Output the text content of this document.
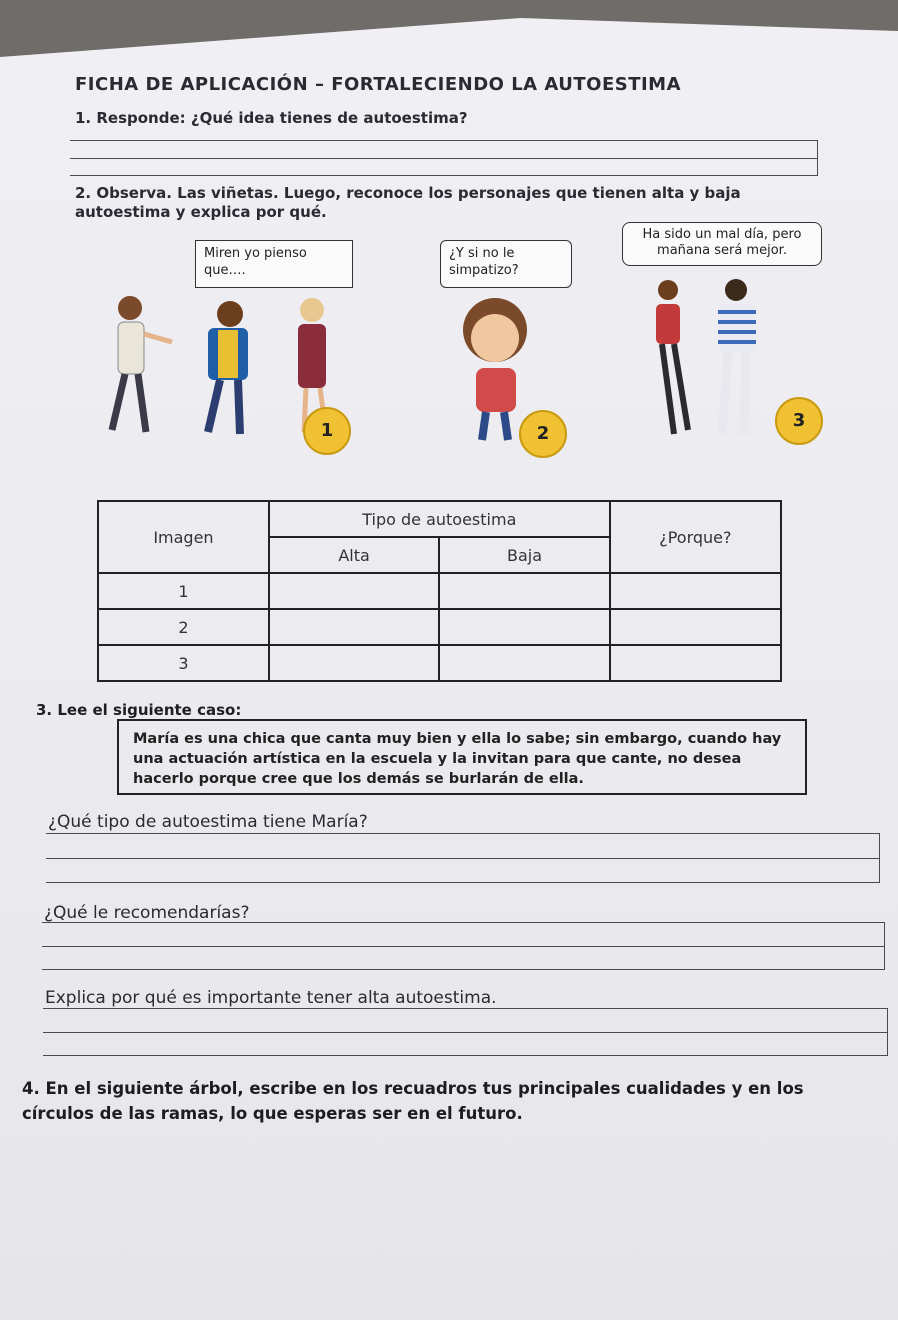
FICHA DE APLICACIÓN – FORTALECIENDO LA AUTOESTIMA
1. Responde: ¿Qué idea tienes de autoestima?
2. Observa. Las viñetas. Luego, reconoce los personajes que tienen alta y baja autoestima y explica por qué.
Miren yo pienso que….
¿Y si no le simpatizo?
Ha sido un mal día, pero mañana será mejor.
1	2
3
Imagen	Tipo de autoestima		¿Porque?
	Alta	Baja	
1			
2			
3			
3. Lee el siguiente caso:
María es una chica que canta muy bien y ella lo sabe; sin embargo, cuando hay una actuación artística en la escuela y la invitan para que cante, no desea hacerlo porque cree que los demás se burlarán de ella.
¿Qué tipo de autoestima tiene María?
¿Qué le recomendarías?
Explica por qué es importante tener alta autoestima.
4. En el siguiente árbol, escribe en los recuadros tus principales cualidades y en los círculos de las ramas, lo que esperas ser en el futuro.
